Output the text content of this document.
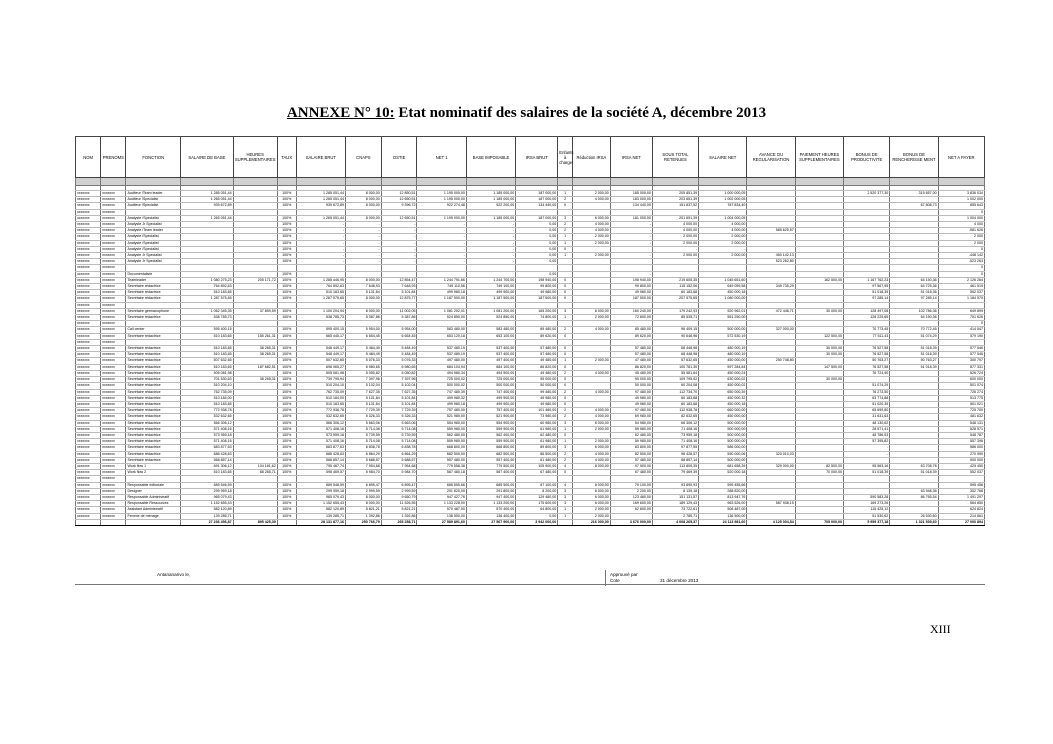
ANNEXE N° 10: Etat nominatif des salaires de la société A, décembre 2013
NOM	PRENOMS	FONCTION	SALAIRE DE BASE	HEURES SUPPLEMENTAIRES	TAUX	SALAIRE BRUT	CNAPS	OSTIE	NET 1	BASE IMPOSABLE	IRSA BRUT	Enfants à charge	Réduction IRSA	IRSA NET	SOUS TOTAL RETENUES	SALAIRE NET	AVANCE OU REGULARISATION	PAIEMENT HEURES SUPPLEMENTAIRES	BONUS DE PRODUCTIVITE	BONUS DE RENCHERISSE MENT	NET A PAYER

xxxxxxx	xxxxxxx	Auditeur /Team leader	1 285 051,44		100%	1 285 051,44	8 000,00	12 850,51	1 195 000,00	1 185 000,00	187 000,00	1	2 000,00	185 000,00	205 851,39	1 000 000,05			2 520 377,30	315 657,00	3 836 034
xxxxxxx	xxxxxxx	Auditeur /Specialist	1 265 051,44		100%	1 265 051,44	8 000,00	12 650,51	1 195 000,00	1 185 000,00	187 000,00	2	4 000,00	183 000,00	203 651,39	1 002 000,05					1 002 000
xxxxxxx	xxxxxxx	Auditeur /Specialist	939 672,89		100%	939 672,89	8 000,00	9 396,72	922 274,48	922 200,00	134 440,00	0		134 440,00	151 837,52	787 834,40				67 808,73	855 643
xxxxxxx	xxxxxxx																				0
xxxxxxx	xxxxxxx	Analyste /Specialist	1 265 051,44		100%	1 265 051,44	8 000,00	12 650,51	1 195 000,00	1 185 000,00	187 000,00	3	6 000,00	181 000,00	201 651,39	1 004 000,05					1 004 000
xxxxxxx	xxxxxxx	Analyste Jr Specialist			100%	-	-	-	-	-	0,00	2	4 000,00	-	4 000,00	4 000,00					4 000
xxxxxxx	xxxxxxx	Analyste /Team leader			100%	-	-	-	-	-	0,00	2	4 000,00	-	4 000,00	4 000,00	585 625,57				-581 626
xxxxxxx	xxxxxxx	Analyste /Specialist			100%	-	-	-	-	-	0,00	1	2 000,00	-	2 000,00	2 000,00					2 000
xxxxxxx	xxxxxxx	Analyste /Specialist			100%	-	-	-	-	-	0,00	1	2 000,00	-	2 000,00	2 000,00					2 000
xxxxxxx	xxxxxxx	Analyste /Specialist			100%	-	-	-	-	-	0,00	0			-	-					0
xxxxxxx	xxxxxxx	Analyste Jr Specialist			100%	-	-	-	-	-	0,00	1	2 000,00	-	2 000,00	2 000,00	450 142,13				-448 142
xxxxxxx	xxxxxxx	Analyste Jr Specialist			100%	-	-	-	-	-	0,00						523 262,80				-523 263
xxxxxxx	xxxxxxx																				0
xxxxxxx	xxxxxxx	Documentaliste			100%						0,00			-							0
xxxxxxx	xxxxxxx	Teamleader	1 080 275,23	205 171,72	100%	1 285 446,95	8 000,00	12 854,47	1 244 791,66	1 244 700,00	198 940,00	0		198 940,00	219 605,35	1 045 651,60		162 500,00	1 167 762,23	64 150,36	2 126 264
xxxxxxx	xxxxxxx	Secrétaire rédactrice	764 892,63		100%	764 892,63	7 648,93	7 648,93	749 110,56	749 100,00	99 800,00	0		99 800,00	115 152,06	649 059,58	349 735,29		97 567,95	64 725,36	461 519
xxxxxxx	xxxxxxx	Secrétaire rédactrice	510 183,65		100%	510 183,65	5 101,84	5 101,84	499 980,18	499 900,00	49 980,00	0		49 980,00	60 183,68	450 000,18			51 018,39	51 018,36	552 037
xxxxxxx	xxxxxxx	Secrétaire rédactrice	1 287 575,65		100%	1 287 575,65	8 000,00	12 875,77	1 187 500,00	1 187 500,00	187 500,00	0		187 500,00	207 575,65	1 080 000,00			97 285,14	97 285,14	1 184 570
xxxxxxx	xxxxxxx																				
xxxxxxx	xxxxxxx	Secrétaire germanophone	1 062 345,35	37 859,59	100%	1 100 204,94	8 000,00	11 002,05	1 081 202,01	1 081 200,00	165 200,00	3	6 000,00	160 240,00	179 242,93	920 962,01	472 446,71	30 000,00	128 497,08	102 786,36	649 899
xxxxxxx	xxxxxxx	Secrétaire rédactrice	538 785,73		100%	538 785,73	5 387,86	5 387,86	524 850,00	524 850,00	74 800,00	1	2 000,00	72 800,00	85 535,71	551 250,00			126 225,65	64 150,36	701 626
xxxxxxx	xxxxxxx																				0
xxxxxxx	xxxxxxx	Call center	595 400,15		100%	595 400,15	5 954,00	5 954,00	583 480,00	583 480,00	89 480,00	2	4 000,00	85 480,00	96 409,15	500 000,00	327 000,00		70 773,45	70 772,45	414 547
xxxxxxx	xxxxxxx	Secrétaire rédactrice	510 183,65	155 261,31	100%	665 445,17	6 654,45	6 654,45	653 120,18	653 100,00	89 620,00	0		89 620,00	90 648,96	572 530,19		122 500,00	77 511,43	51 074,29	579 190
xxxxxxx	xxxxxxx																				
xxxxxxx	xxxxxxx	Secrétaire rédactrice	510 183,65	38 265,31	100%	548 449,17	5 484,49	5 484,49	537 480,19	537 400,00	57 480,00	0		57 480,00	68 448,98	480 000,19		30 000,00	76 527,58	51 018,39	577 546
xxxxxxx	xxxxxxx	Secrétaire rédactrice	510 183,65	38 265,31	100%	548 449,17	5 484,49	5 484,49	537 480,19	537 400,00	57 480,00	0		57 480,00	68 448,98	480 000,19		30 000,00	76 527,58	51 018,39	577 546
xxxxxxx	xxxxxxx	Secrétaire rédactrice	507 632,65		100%	507 632,65	5 076,33	5 076,33	497 480,00	497 400,00	49 480,00	1	2 000,00	47 480,00	57 632,65	450 000,00	250 748,80		50 763,27	50 763,27	300 797
xxxxxxx	xxxxxxx	Secrétaire rédactrice	510 183,65	187 682,51	100%	698 065,27	6 980,65	6 980,65	684 104,94	684 100,00	86 820,00	0		86 820,00	100 781,30	597 284,84		147 500,00	76 527,58	51 018,39	877 331
xxxxxxx	xxxxxxx	Secrétaire rédactrice	505 081,98		100%	505 081,98	5 050,82	5 050,82	494 980,34	494 900,00	49 480,00	2	4 000,00	45 480,00	55 581,64	450 000,24			76 724,90		526 724
xxxxxxx	xxxxxxx	Secrétaire rédactrice	701 530,63	38 265,31	100%	739 795,94	7 397,96	7 397,96	725 000,02	725 000,00	95 000,00	0		95 000,00	109 795,92	630 000,02		30 000,00			600 000
xxxxxxx	xxxxxxx	Secrétaire rédactrice	510 204,10		100%	510 204,10	5 102,04	5 102,04	500 000,02	500 000,00	50 000,00	0		50 000,00	60 204,08	450 000,02			51 074,29		501 074
xxxxxxx	xxxxxxx	Secrétaire rédactrice	762 735,09		100%	762 735,09	7 627,35	7 627,35	747 480,39	747 400,00	99 480,00	2	4 000,00	97 480,00	112 734,70	650 000,39			76 273,50		726 274
xxxxxxx	xxxxxxx	Secrétaire rédactrice	510 184,00		100%	510 184,00	5 101,84	5 101,84	499 980,32	499 900,00	49 980,00	0		49 980,00	60 183,68	450 000,32			63 774,88		513 775
xxxxxxx	xxxxxxx	Secrétaire rédactrice	510 183,65		100%	510 183,65	5 101,84	5 101,84	499 980,18	499 900,00	49 980,00	0		49 980,00	60 183,68	450 000,18			51 020,39		501 021
xxxxxxx	xxxxxxx	Secrétaire rédactrice	772 938,78		100%	772 938,78	7 729,39	7 729,39	757 480,00	757 400,00	101 480,00	2	4 000,00	97 480,00	112 938,78	660 000,00			65 699,80		725 700
xxxxxxx	xxxxxxx	Secrétaire rédactrice	532 632,65		100%	532 632,65	5 326,33	5 326,33	521 980,00	521 900,00	73 980,00	2	4 000,00	69 980,00	82 632,65	450 000,00			31 631,63		481 632
xxxxxxx	xxxxxxx	Secrétaire rédactrice	566 306,12		100%	566 306,12	5 663,06	5 663,06	554 980,00	554 900,00	60 980,00	3	6 000,00	54 980,00	66 306,12	500 000,00			48 130,62		548 131
xxxxxxx	xxxxxxx	Secrétaire rédactrice	571 408,16		100%	571 408,16	5 714,08	5 714,08	559 980,00	559 900,00	61 980,00	1	2 000,00	59 980,00	71 408,16	500 000,00			28 571,41		528 571
xxxxxxx	xxxxxxx	Secrétaire rédactrice	573 959,18		100%	573 959,18	5 739,59	5 739,59	562 480,00	562 400,00	62 480,00	0		62 480,00	73 959,18	500 000,00			48 786,53		548 787
xxxxxxx	xxxxxxx	Secrétaire rédactrice	571 408,16		100%	571 408,16	5 714,08	5 714,08	559 980,00	559 900,00	61 980,00	1	2 000,00	59 980,00	71 408,16	500 000,00			57 395,82		557 396
xxxxxxx	xxxxxxx	Secrétaire rédactrice	683 877,63		100%	683 877,63	6 838,78	6 838,78	668 800,00	668 800,00	89 800,00	3	6 000,00	83 800,00	97 877,55	586 000,00			-		586 000
xxxxxxx	xxxxxxx	Secrétaire rédactrice	686 428,63		100%	686 428,63	6 864,29	6 864,29	682 500,00	682 500,00	86 500,00	2	4 000,00	82 500,00	96 428,57	590 000,06	320 010,03		-		270 990
xxxxxxx	xxxxxxx	Secrétaire rédactrice	568 857,14		100%	568 857,14	5 688,57	5 688,57	557 480,00	557 400,00	61 480,00	2	4 000,00	57 480,00	68 857,14	500 000,00					500 000
xxxxxxx	xxxxxxx	Work flow 1	691 306,12	104 161,62	100%	795 467,74	7 954,68	7 954,68	779 558,38	779 500,00	105 900,00	4	8 000,00	97 900,00	113 809,35	681 658,39	329 000,00	82 500,00	95 563,16	63 708,78	429 450
xxxxxxx	xxxxxxx	Work flow 2	510 183,65	88 265,71	100%	598 469,57	5 984,70	5 984,70	587 480,18	587 400,00	67 480,00	0		67 480,00	79 469,39	520 000,18		70 000,00	51 018,39	51 018,39	552 037
xxxxxxx	xxxxxxx																				
xxxxxxx	xxxxxxx	Responsable éditoriale	689 546,59		100%	689 546,59	6 895,47	6 895,47	685 555,66	685 500,00	87 100,00	4	8 000,00	79 100,00	93 890,93	595 455,66					595 456
xxxxxxx	xxxxxxx	Designer	299 959,18		100%	299 959,18	2 999,59	2 999,59	291 820,00	291 800,00	8 200,00	3	6 000,00	2 200,00	8 139,18	288 820,00				63 948,36	352 768
xxxxxxx	xxxxxxx	Responsable Administratif	965 079,43		100%	965 079,43	8 000,00	9 650,79	947 427,76	947 400,00	129 480,00	3	6 000,00	123 480,00	151 131,57	813 947,76			590 583,28	86 765,54	1 491 297
xxxxxxx	xxxxxxx	Responsable Ressources	1 152 655,43		100%	1 152 655,43	8 000,00	11 526,55	1 133 228,00	1 133 200,00	175 600,00	3	6 000,00	169 600,00	189 129,43	963 526,00	587 938,15		169 273,26		564 850
xxxxxxx	xxxxxxx	Assistant Administratif	582 120,89		100%	582 120,89	5 821,21	5 821,21	570 487,00	570 400,00	64 800,00	1	2 000,00	62 800,00	73 722,61	508 487,00			115 425,12		624 824
xxxxxxx	xxxxxxx	Femme de ménage	139 285,71		100%	139 285,71	1 392,86	1 392,86	136 500,00	136 400,00	0,00	1	2 000,00		2 785,71	136 500,00			51 530,62	26 530,60	214 561
			27 236 456,87	895 425,39		28 131 877,16	250 766,79	265 258,71	27 589 891,60	27 567 900,00	3 942 000,00		216 000,00	3 676 000,00	4 008 265,37	24 113 981,60	4 125 004,54	705 000,00	5 959 377,18	1 321 539,60	27 000 894
Antananarivo le,	Approuvé par
Cote	31 décembre 2013
XIII
